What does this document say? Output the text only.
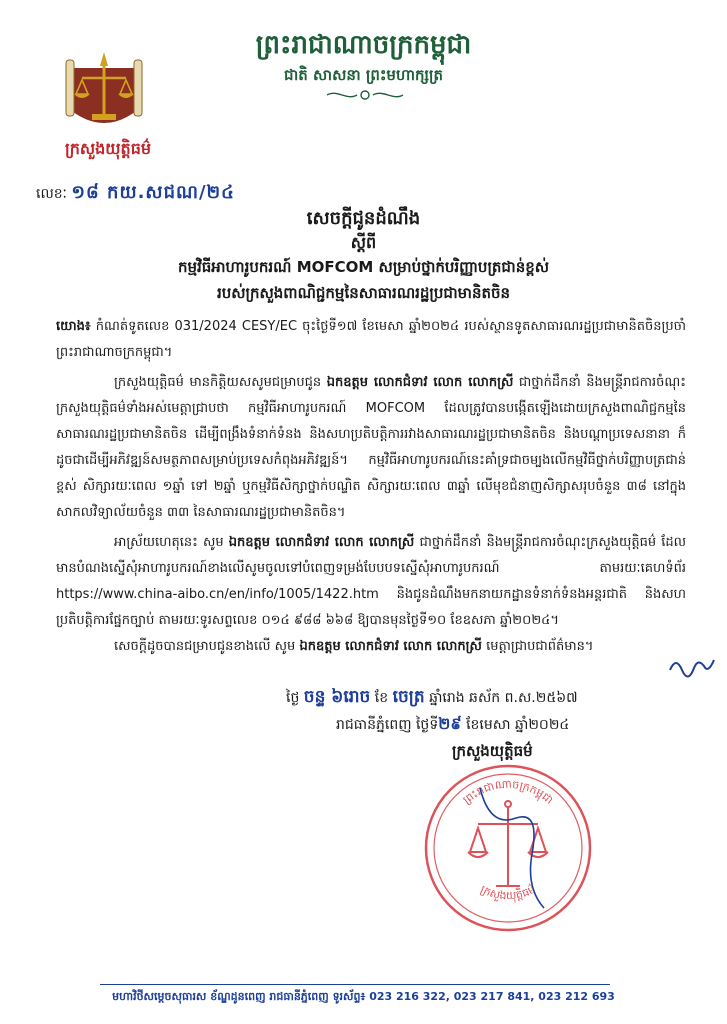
ព្រះរាជាណាចក្រកម្ពុជា
ជាតិ សាសនា ព្រះមហាក្សត្រ
ក្រសួងយុត្តិធម៌
លេខៈ ១៨ កយ.សជណ/២៤
សេចក្តីជូនដំណឹង
ស្តីពី
កម្មវិធីអាហារូបករណ៍ MOFCOM សម្រាប់ថ្នាក់បរិញ្ញាបត្រជាន់ខ្ពស់
របស់ក្រសួងពាណិជ្ជកម្មនៃសាធារណរដ្ឋប្រជាមានិតចិន
យោង៖ កំណត់ទូតលេខ 031/2024 CESY/EC ចុះថ្ងៃទី១៧ ខែមេសា ឆ្នាំ២០២៤ របស់ស្ថានទូតសាធារណរដ្ឋប្រជាមានិតចិនប្រចាំព្រះរាជាណាចក្រកម្ពុជា។
ក្រសួងយុត្តិធម៌ មានកិត្តិយសសូមជម្រាបជូន ឯកឧត្តម លោកជំទាវ លោក លោកស្រី ជាថ្នាក់ដឹកនាំ និងមន្ត្រីរាជការចំណុះក្រសួងយុត្តិធម៌ទាំងអស់មេត្តាជ្រាបថា កម្មវិធីអាហារូបករណ៍ MOFCOM ដែលត្រូវបានបង្កើតឡើងដោយក្រសួងពាណិជ្ជកម្មនៃសាធារណរដ្ឋប្រជាមានិតចិន ដើម្បីពង្រឹងទំនាក់ទំនង និងសហប្រតិបត្តិការរវាងសាធារណរដ្ឋប្រជាមានិតចិន និងបណ្តាប្រទេសនានា ក៏ដូចជាដើម្បីអភិវឌ្ឍន៍សមត្ថភាពសម្រាប់ប្រទេសកំពុងអភិវឌ្ឍន៍។ កម្មវិធីអាហារូបករណ៍នេះគាំទ្រជាចម្បងលើកម្មវិធីថ្នាក់បរិញ្ញាបត្រជាន់ខ្ពស់ សិក្សារយៈពេល ១ឆ្នាំ ទៅ ២ឆ្នាំ ឬកម្មវិធីសិក្សាថ្នាក់បណ្ឌិត សិក្សារយៈពេល ៣ឆ្នាំ លើមុខជំនាញសិក្សាសរុបចំនួន ៣៨ នៅក្នុងសាកលវិទ្យាល័យចំនួន ៣៣ នៃសាធារណរដ្ឋប្រជាមានិតចិន។
អាស្រ័យហេតុនេះ សូម ឯកឧត្តម លោកជំទាវ លោក លោកស្រី ជាថ្នាក់ដឹកនាំ និងមន្ត្រីរាជការចំណុះក្រសួងយុត្តិធម៌ ដែលមានបំណងស្នើសុំអាហារូបករណ៍ខាងលើសូមចូលទៅបំពេញទម្រង់បែបបទស្នើសុំអាហារូបករណ៍ តាមរយៈគេហទំព័រ https://www.china-aibo.cn/en/info/1005/1422.htm និងជូនដំណឹងមកនាយកដ្ឋានទំនាក់ទំនងអន្តរជាតិ និងសហប្រតិបត្តិការផ្នែកច្បាប់ តាមរយៈទូរសព្ទលេខ ០១៤ ៩៨៨ ៦៦៨ ឱ្យបានមុនថ្ងៃទី១០ ខែឧសភា ឆ្នាំ២០២៤។
សេចក្តីដូចបានជម្រាបជូនខាងលើ សូម ឯកឧត្តម លោកជំទាវ លោក លោកស្រី មេត្តាជ្រាបជាព័ត៌មាន។
ថ្ងៃ ចន្ទ ៦រោច ខែ ចេត្រ ឆ្នាំរោង ឆស័ក ព.ស.២៥៦៧
រាជធានីភ្នំពេញ ថ្ងៃទី២៩ ខែមេសា ឆ្នាំ២០២៤
ក្រសួងយុត្តិធម៌
ព្រះរាជាណាចក្រកម្ពុជា
ក្រសួងយុត្តិធម៌
មហាវិថីសម្ដេចសុធារស ខ័ណ្ឌដូនពេញ រាជធានីភ្នំពេញ ទូរស័ព្ទ៖ 023 216 322, 023 217 841, 023 212 693
